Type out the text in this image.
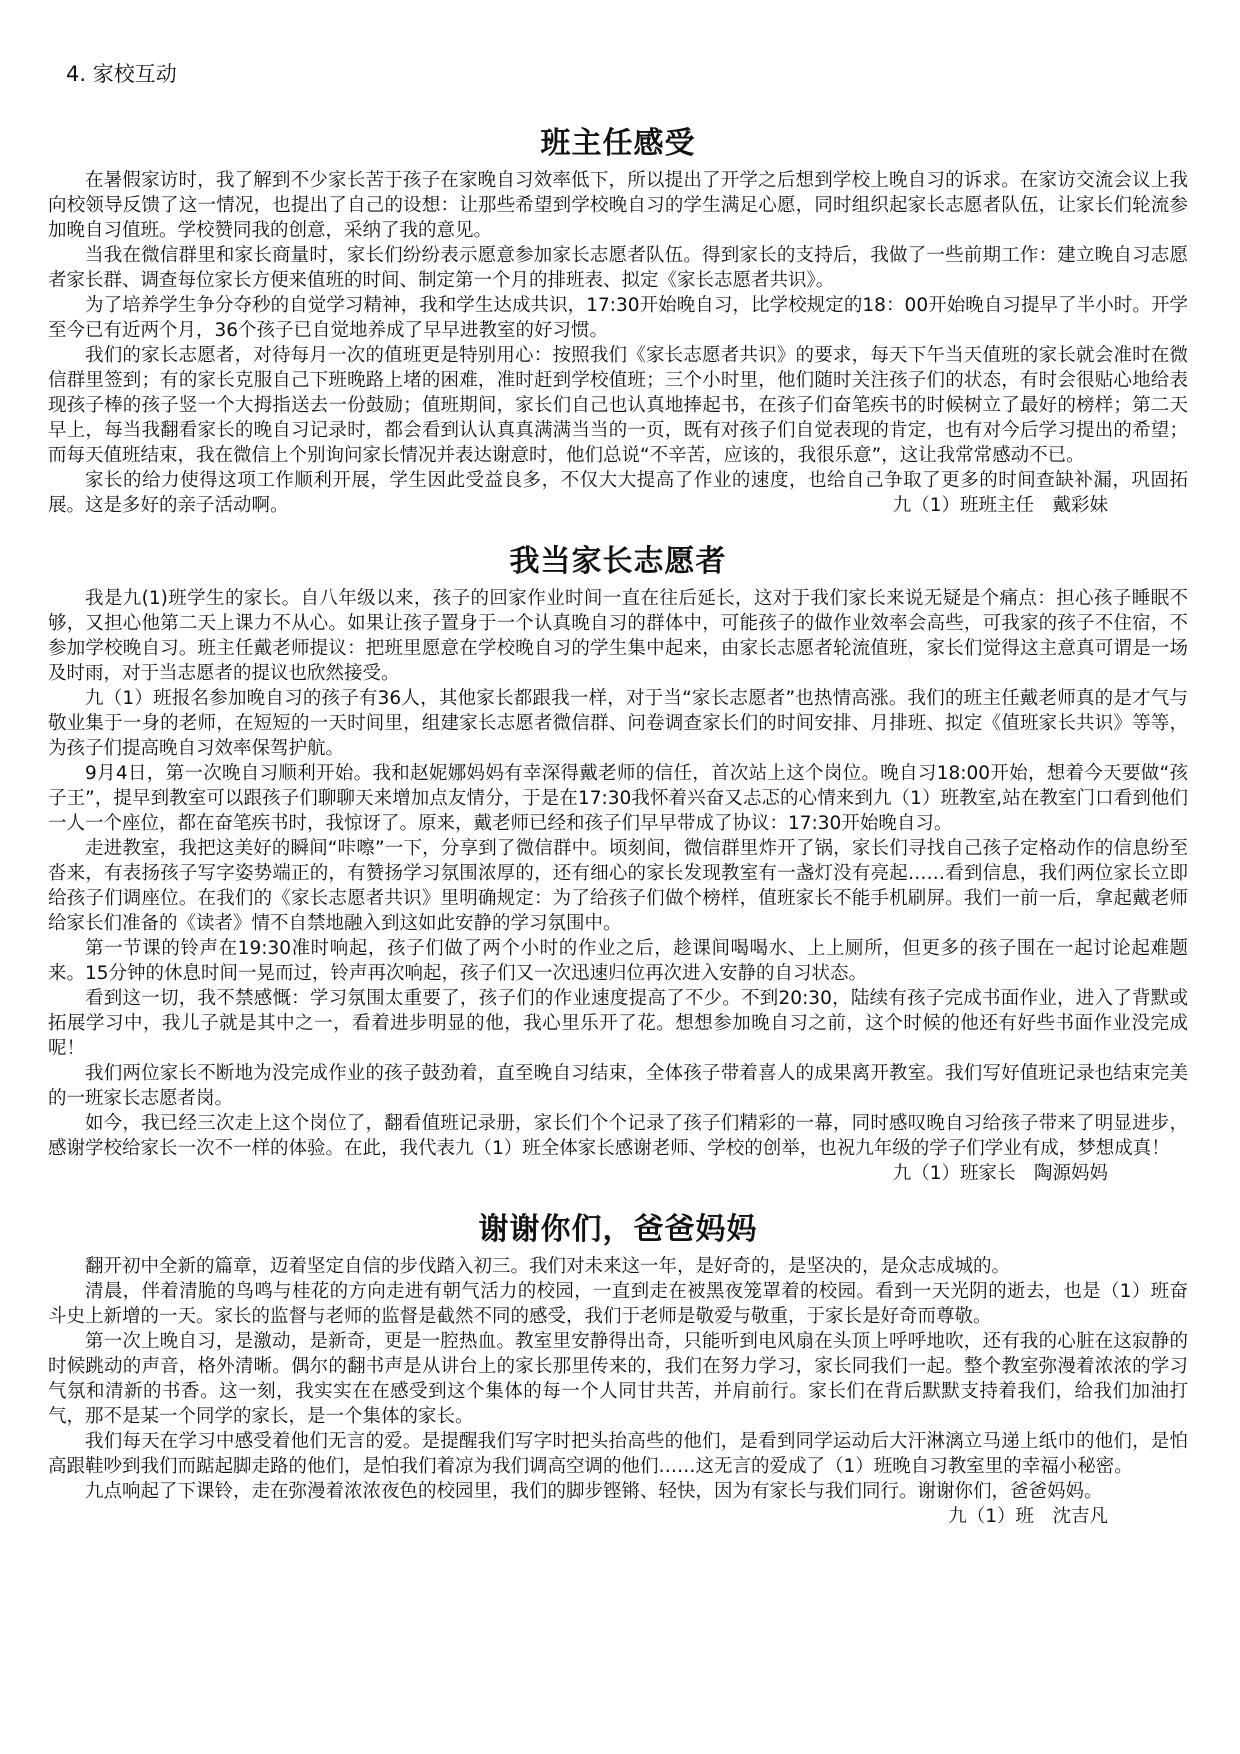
4. 家校互动
班主任感受

在暑假家访时，我了解到不少家长苦于孩子在家晚自习效率低下，所以提出了开学之后想到学校上晚自习的诉求。在家访交流会议上我向校领导反馈了这一情况，也提出了自己的设想：让那些希望到学校晚自习的学生满足心愿，同时组织起家长志愿者队伍，让家长们轮流参加晚自习值班。学校赞同我的创意，采纳了我的意见。

当我在微信群里和家长商量时，家长们纷纷表示愿意参加家长志愿者队伍。得到家长的支持后，我做了一些前期工作：建立晚自习志愿者家长群、调查每位家长方便来值班的时间、制定第一个月的排班表、拟定《家长志愿者共识》。

为了培养学生争分夺秒的自觉学习精神，我和学生达成共识，17:30开始晚自习，比学校规定的18：00开始晚自习提早了半小时。开学至今已有近两个月，36个孩子已自觉地养成了早早进教室的好习惯。

我们的家长志愿者，对待每月一次的值班更是特别用心：按照我们《家长志愿者共识》的要求，每天下午当天值班的家长就会准时在微信群里签到；有的家长克服自己下班晚路上堵的困难，准时赶到学校值班；三个小时里，他们随时关注孩子们的状态，有时会很贴心地给表现孩子棒的孩子竖一个大拇指送去一份鼓励；值班期间，家长们自己也认真地捧起书，在孩子们奋笔疾书的时候树立了最好的榜样；第二天早上，每当我翻看家长的晚自习记录时，都会看到认认真真满满当当的一页，既有对孩子们自觉表现的肯定，也有对今后学习提出的希望；而每天值班结束，我在微信上个别询问家长情况并表达谢意时，他们总说“不辛苦，应该的，我很乐意”，这让我常常感动不已。

家长的给力使得这项工作顺利开展，学生因此受益良多，不仅大大提高了作业的速度，也给自己争取了更多的时间查缺补漏，巩固拓展。这是多好的亲子活动啊。	九（1）班班主任　戴彩妹

我当家长志愿者

我是九(1)班学生的家长。自八年级以来，孩子的回家作业时间一直在往后延长，这对于我们家长来说无疑是个痛点：担心孩子睡眠不够，又担心他第二天上课力不从心。如果让孩子置身于一个认真晚自习的群体中，可能孩子的做作业效率会高些，可我家的孩子不住宿，不参加学校晚自习。班主任戴老师提议：把班里愿意在学校晚自习的学生集中起来，由家长志愿者轮流值班，家长们觉得这主意真可谓是一场及时雨，对于当志愿者的提议也欣然接受。

九（1）班报名参加晚自习的孩子有36人，其他家长都跟我一样，对于当“家长志愿者”也热情高涨。我们的班主任戴老师真的是才气与敬业集于一身的老师，在短短的一天时间里，组建家长志愿者微信群、问卷调查家长们的时间安排、月排班、拟定《值班家长共识》等等，为孩子们提高晚自习效率保驾护航。

9月4日，第一次晚自习顺利开始。我和赵妮娜妈妈有幸深得戴老师的信任，首次站上这个岗位。晚自习18:00开始，想着今天要做“孩子王”，提早到教室可以跟孩子们聊聊天来增加点友情分，于是在17:30我怀着兴奋又忐忑的心情来到九（1）班教室,站在教室门口看到他们一人一个座位，都在奋笔疾书时，我惊讶了。原来，戴老师已经和孩子们早早带成了协议：17:30开始晚自习。

走进教室，我把这美好的瞬间“咔嚓”一下，分享到了微信群中。顷刻间，微信群里炸开了锅，家长们寻找自己孩子定格动作的信息纷至沓来，有表扬孩子写字姿势端正的，有赞扬学习氛围浓厚的，还有细心的家长发现教室有一盏灯没有亮起……看到信息，我们两位家长立即给孩子们调座位。在我们的《家长志愿者共识》里明确规定：为了给孩子们做个榜样，值班家长不能手机刷屏。我们一前一后，拿起戴老师给家长们准备的《读者》情不自禁地融入到这如此安静的学习氛围中。

第一节课的铃声在19:30准时响起，孩子们做了两个小时的作业之后，趁课间喝喝水、上上厕所，但更多的孩子围在一起讨论起难题来。15分钟的休息时间一晃而过，铃声再次响起，孩子们又一次迅速归位再次进入安静的自习状态。

看到这一切，我不禁感慨：学习氛围太重要了，孩子们的作业速度提高了不少。不到20:30，陆续有孩子完成书面作业，进入了背默或拓展学习中，我儿子就是其中之一，看着进步明显的他，我心里乐开了花。想想参加晚自习之前，这个时候的他还有好些书面作业没完成呢！

我们两位家长不断地为没完成作业的孩子鼓劲着，直至晚自习结束，全体孩子带着喜人的成果离开教室。我们写好值班记录也结束完美的一班家长志愿者岗。

如今，我已经三次走上这个岗位了，翻看值班记录册，家长们个个记录了孩子们精彩的一幕，同时感叹晚自习给孩子带来了明显进步，感谢学校给家长一次不一样的体验。在此，我代表九（1）班全体家长感谢老师、学校的创举，也祝九年级的学子们学业有成，梦想成真！
九（1）班家长　陶源妈妈

谢谢你们，爸爸妈妈

翻开初中全新的篇章，迈着坚定自信的步伐踏入初三。我们对未来这一年，是好奇的，是坚决的，是众志成城的。

清晨，伴着清脆的鸟鸣与桂花的方向走进有朝气活力的校园，一直到走在被黑夜笼罩着的校园。看到一天光阴的逝去，也是（1）班奋斗史上新增的一天。家长的监督与老师的监督是截然不同的感受，我们于老师是敬爱与敬重，于家长是好奇而尊敬。

第一次上晚自习，是激动，是新奇，更是一腔热血。教室里安静得出奇，只能听到电风扇在头顶上呼呼地吹，还有我的心脏在这寂静的时候跳动的声音，格外清晰。偶尔的翻书声是从讲台上的家长那里传来的，我们在努力学习，家长同我们一起。整个教室弥漫着浓浓的学习气氛和清新的书香。这一刻，我实实在在感受到这个集体的每一个人同甘共苦，并肩前行。家长们在背后默默支持着我们，给我们加油打气，那不是某一个同学的家长，是一个集体的家长。

我们每天在学习中感受着他们无言的爱。是提醒我们写字时把头抬高些的他们，是看到同学运动后大汗淋漓立马递上纸巾的他们，是怕高跟鞋吵到我们而踮起脚走路的他们，是怕我们着凉为我们调高空调的他们……这无言的爱成了（1）班晚自习教室里的幸福小秘密。

九点响起了下课铃，走在弥漫着浓浓夜色的校园里，我们的脚步铿锵、轻快，因为有家长与我们同行。谢谢你们，爸爸妈妈。
九（1）班　沈吉凡
